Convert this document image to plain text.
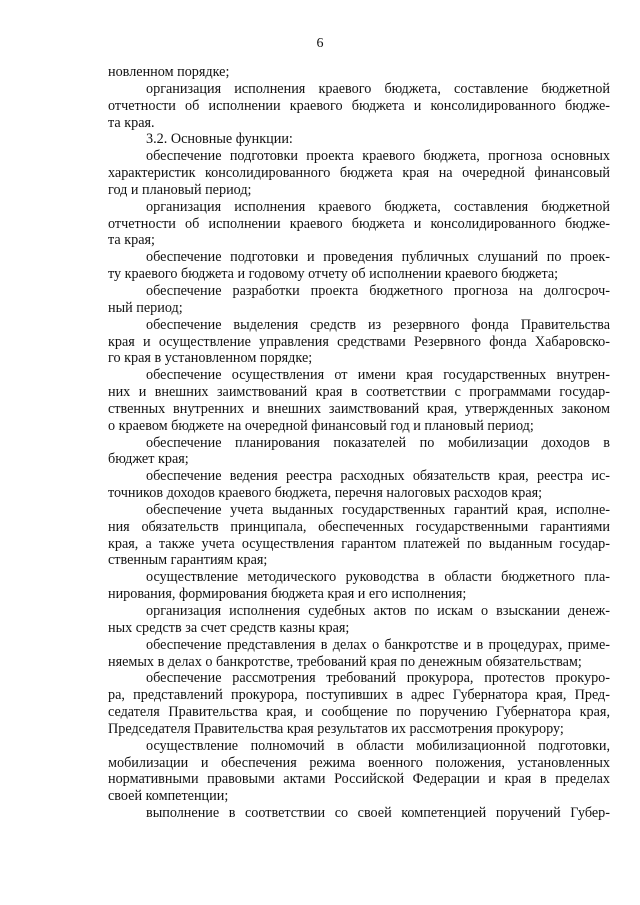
6
новленном порядке;
организация исполнения краевого бюджета, составление бюджетной
отчетности об исполнении краевого бюджета и консолидированного бюдже-
та края.
3.2. Основные функции:
обеспечение подготовки проекта краевого бюджета, прогноза основных
характеристик консолидированного бюджета края на очередной финансовый
год и плановый период;
организация исполнения краевого бюджета, составления бюджетной
отчетности об исполнении краевого бюджета и консолидированного бюдже-
та края;
обеспечение подготовки и проведения публичных слушаний по проек-
ту краевого бюджета и годовому отчету об исполнении краевого бюджета;
обеспечение разработки проекта бюджетного прогноза на долгосроч-
ный период;
обеспечение выделения средств из резервного фонда Правительства
края и осуществление управления средствами Резервного фонда Хабаровско-
го края в установленном порядке;
обеспечение осуществления от имени края государственных внутрен-
них и внешних заимствований края в соответствии с программами государ-
ственных внутренних и внешних заимствований края, утвержденных законом
о краевом бюджете на очередной финансовый год и плановый период;
обеспечение планирования показателей по мобилизации доходов в
бюджет края;
обеспечение ведения реестра расходных обязательств края, реестра ис-
точников доходов краевого бюджета, перечня налоговых расходов края;
обеспечение учета выданных государственных гарантий края, исполне-
ния обязательств принципала, обеспеченных государственными гарантиями
края, а также учета осуществления гарантом платежей по выданным государ-
ственным гарантиям края;
осуществление методического руководства в области бюджетного пла-
нирования, формирования бюджета края и его исполнения;
организация исполнения судебных актов по искам о взыскании денеж-
ных средств за счет средств казны края;
обеспечение представления в делах о банкротстве и в процедурах, приме-
няемых в делах о банкротстве, требований края по денежным обязательствам;
обеспечение рассмотрения требований прокурора, протестов прокуро-
ра, представлений прокурора, поступивших в адрес Губернатора края, Пред-
седателя Правительства края, и сообщение по поручению Губернатора края,
Председателя Правительства края результатов их рассмотрения прокурору;
осуществление полномочий в области мобилизационной подготовки,
мобилизации и обеспечения режима военного положения, установленных
нормативными правовыми актами Российской Федерации и края в пределах
своей компетенции;
выполнение в соответствии со своей компетенцией поручений Губер-
